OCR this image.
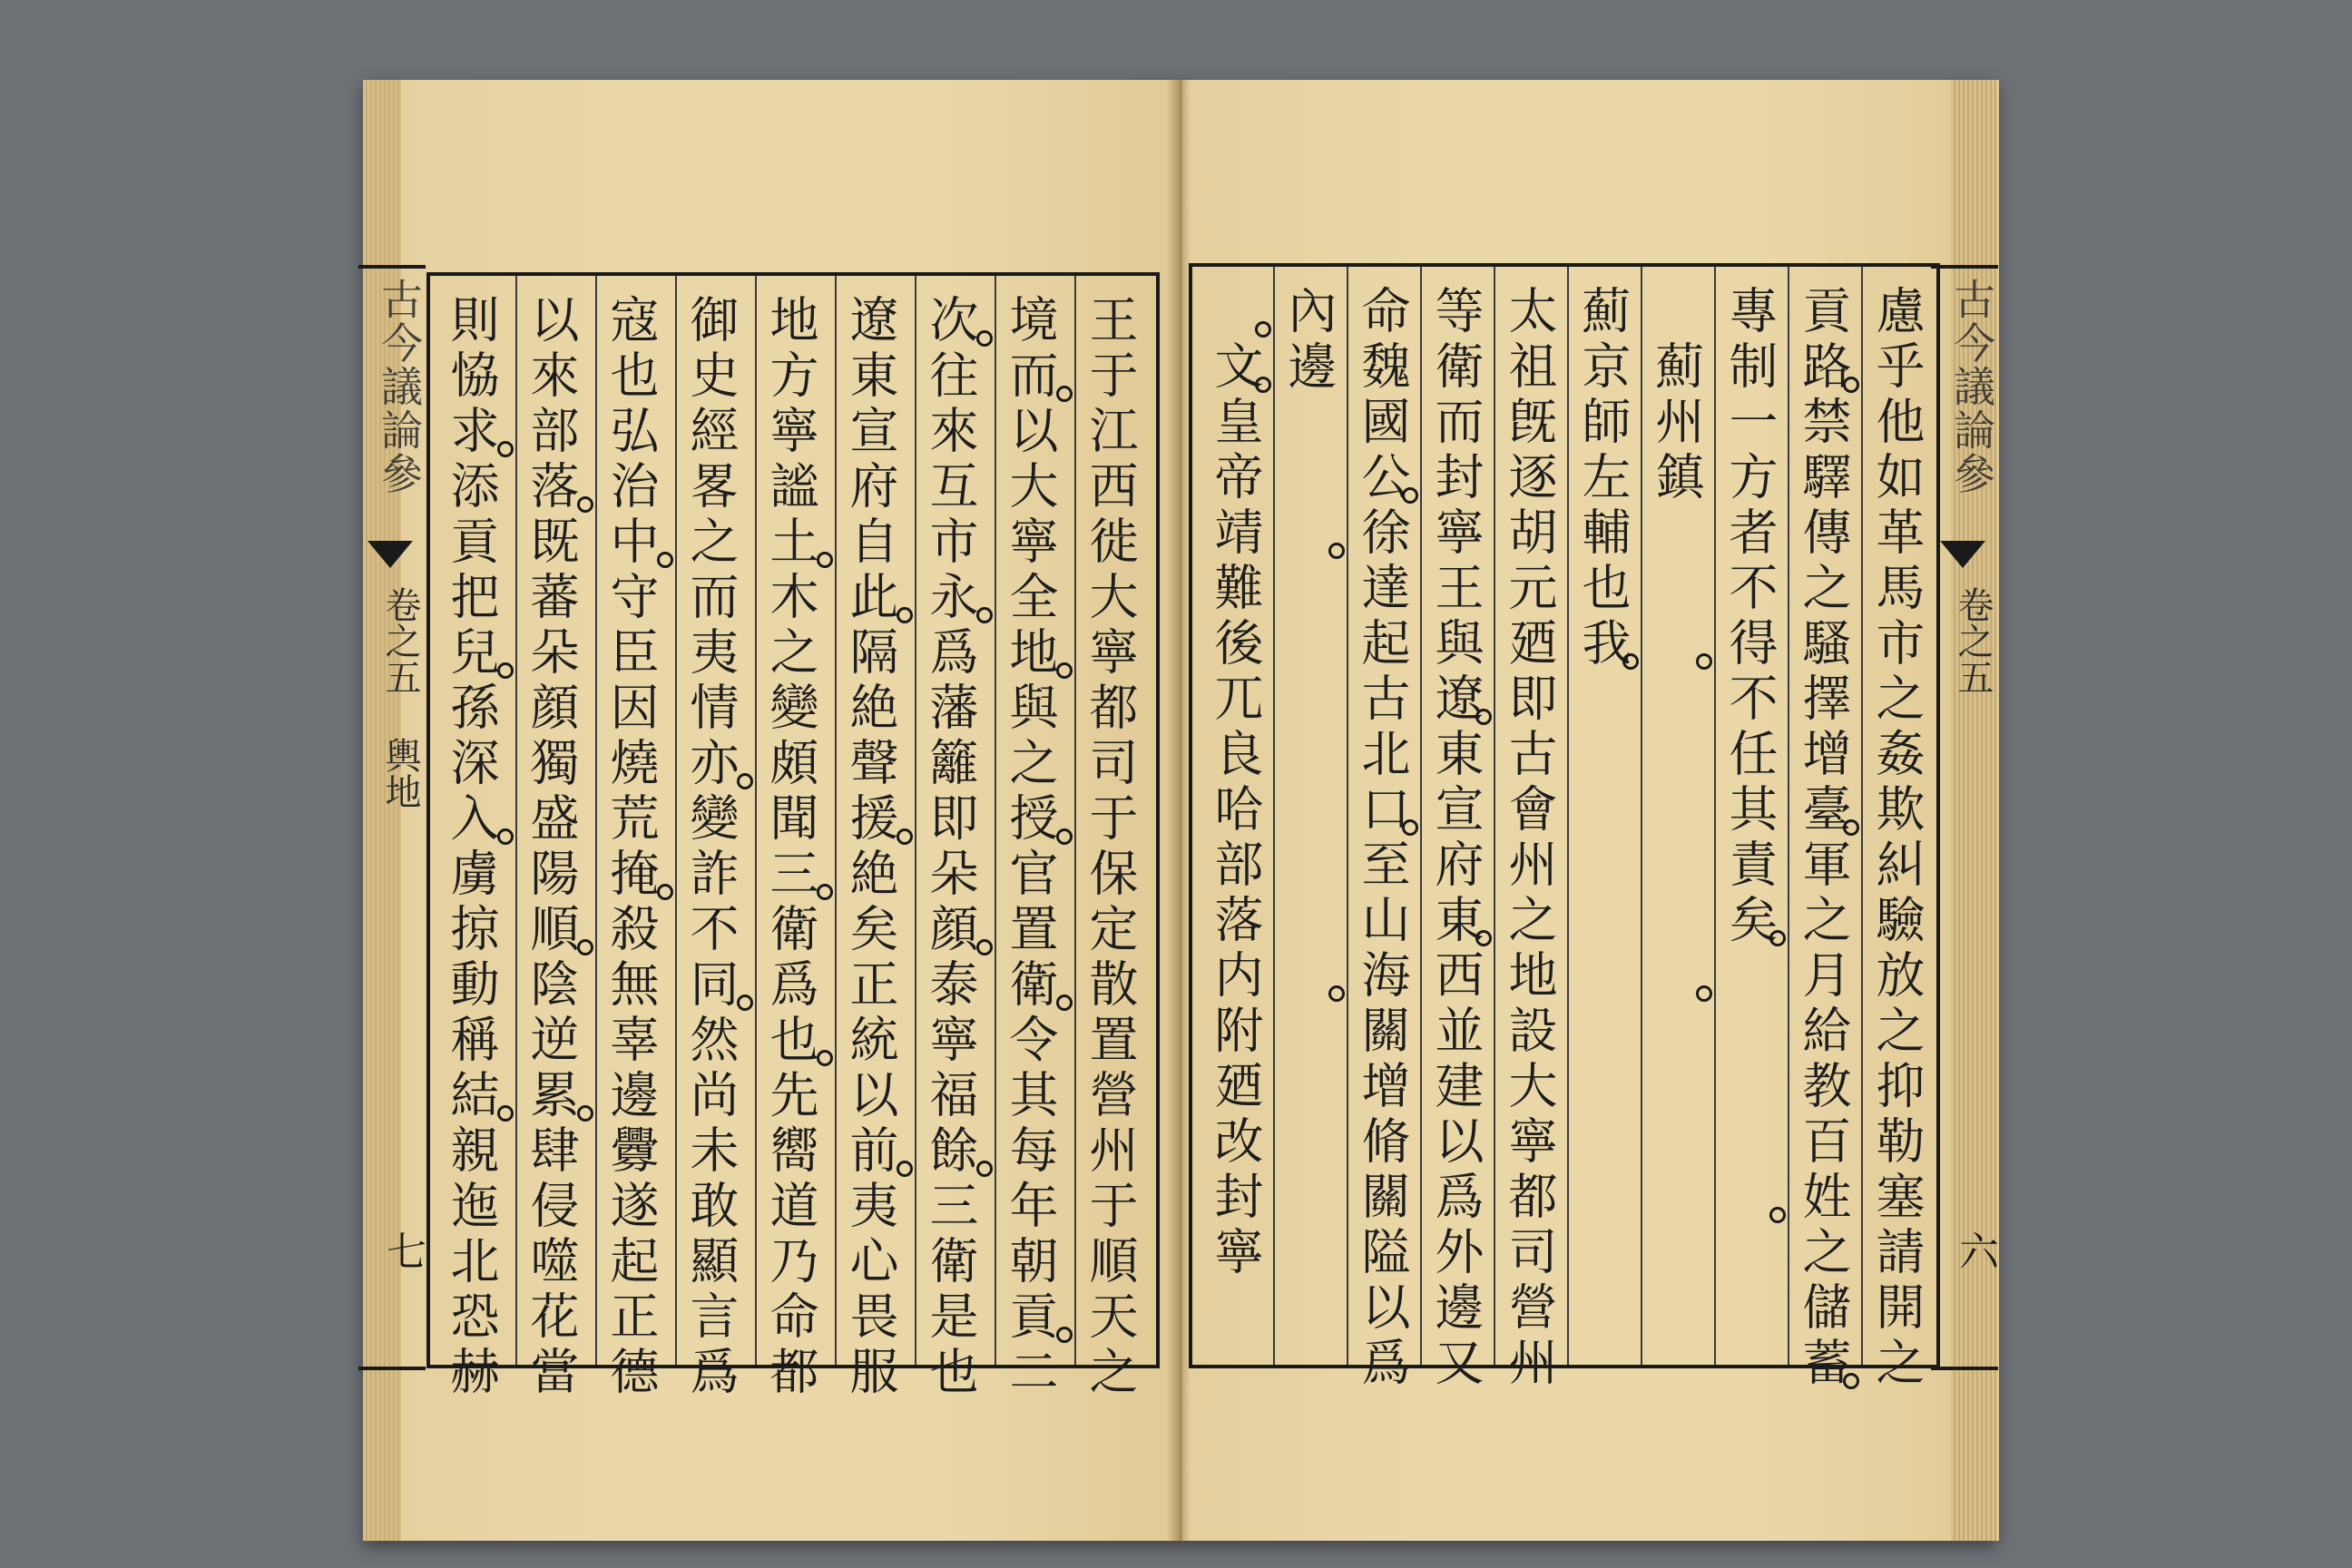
古今議論參
卷之五 輿地
七	王于江西徙大寧都司于保定散置營州于順天之
境而以大寧全地與之授官置衛令其每年朝貢二
次往來互市永爲藩籬即朵顔泰寧福餘三衛是也
遼東宣府自此隔絶聲援絶矣正統以前夷心畏服
地方寧謐土木之變頗聞三衛爲也先嚮道乃命都
御史經畧之而夷情亦變詐不同然尚未敢顯言爲
寇也弘治中守臣因燒荒掩殺無辜邊釁遂起正德
以來部落既蕃朵顔獨盛陽順陰逆累肆侵噬花當
則恊求添貢把兒孫深入虜掠動稱結親迤北恐赫	慮乎他如革馬市之姦欺糾驗放之抑勒塞請開之
貢路禁驛傳之騷擇增臺軍之月給教百姓之儲蓄
專制一方者不得不任其責矣
　薊州鎮
薊京師左輔也我
太祖旣逐胡元廼即古會州之地設大寧都司營州
等衛而封寧王與遼東宣府東西並建以爲外邊又
命魏國公徐達起古北口至山海關增脩關隘以爲
內邊
　文皇帝靖難後兀良哈部落内附廼改封寧	古今議論參
卷之五
六
